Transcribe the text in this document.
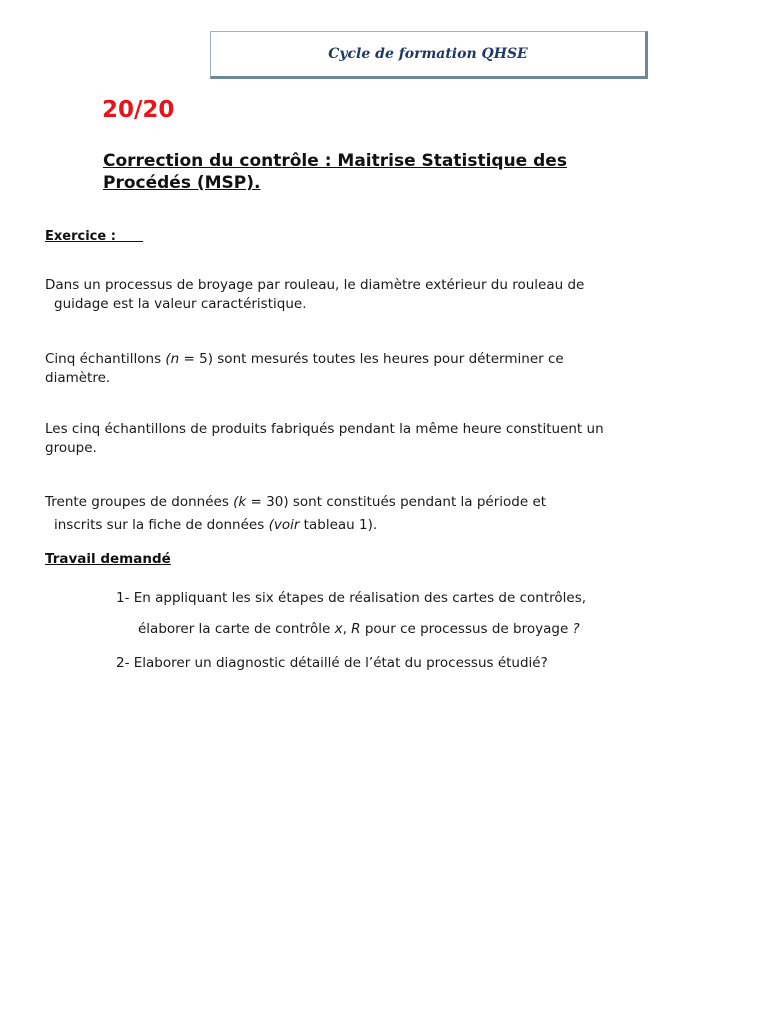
Cycle de formation QHSE
20/20
Correction du contrôle : Maitrise Statistique des
Procédés (MSP).
Exercice :
Dans un processus de broyage par rouleau, le diamètre extérieur du rouleau de
guidage est la valeur caractéristique.
Cinq échantillons (n = 5) sont mesurés toutes les heures pour déterminer ce
diamètre.
Les cinq échantillons de produits fabriqués pendant la même heure constituent un
groupe.
Trente groupes de données (k = 30) sont constitués pendant la période et
inscrits sur la fiche de données (voir tableau 1).
Travail demandé
1- En appliquant les six étapes de réalisation des cartes de contrôles,
élaborer la carte de contrôle x, R pour ce processus de broyage ?
2- Elaborer un diagnostic détaillé de l’état du processus étudié?
